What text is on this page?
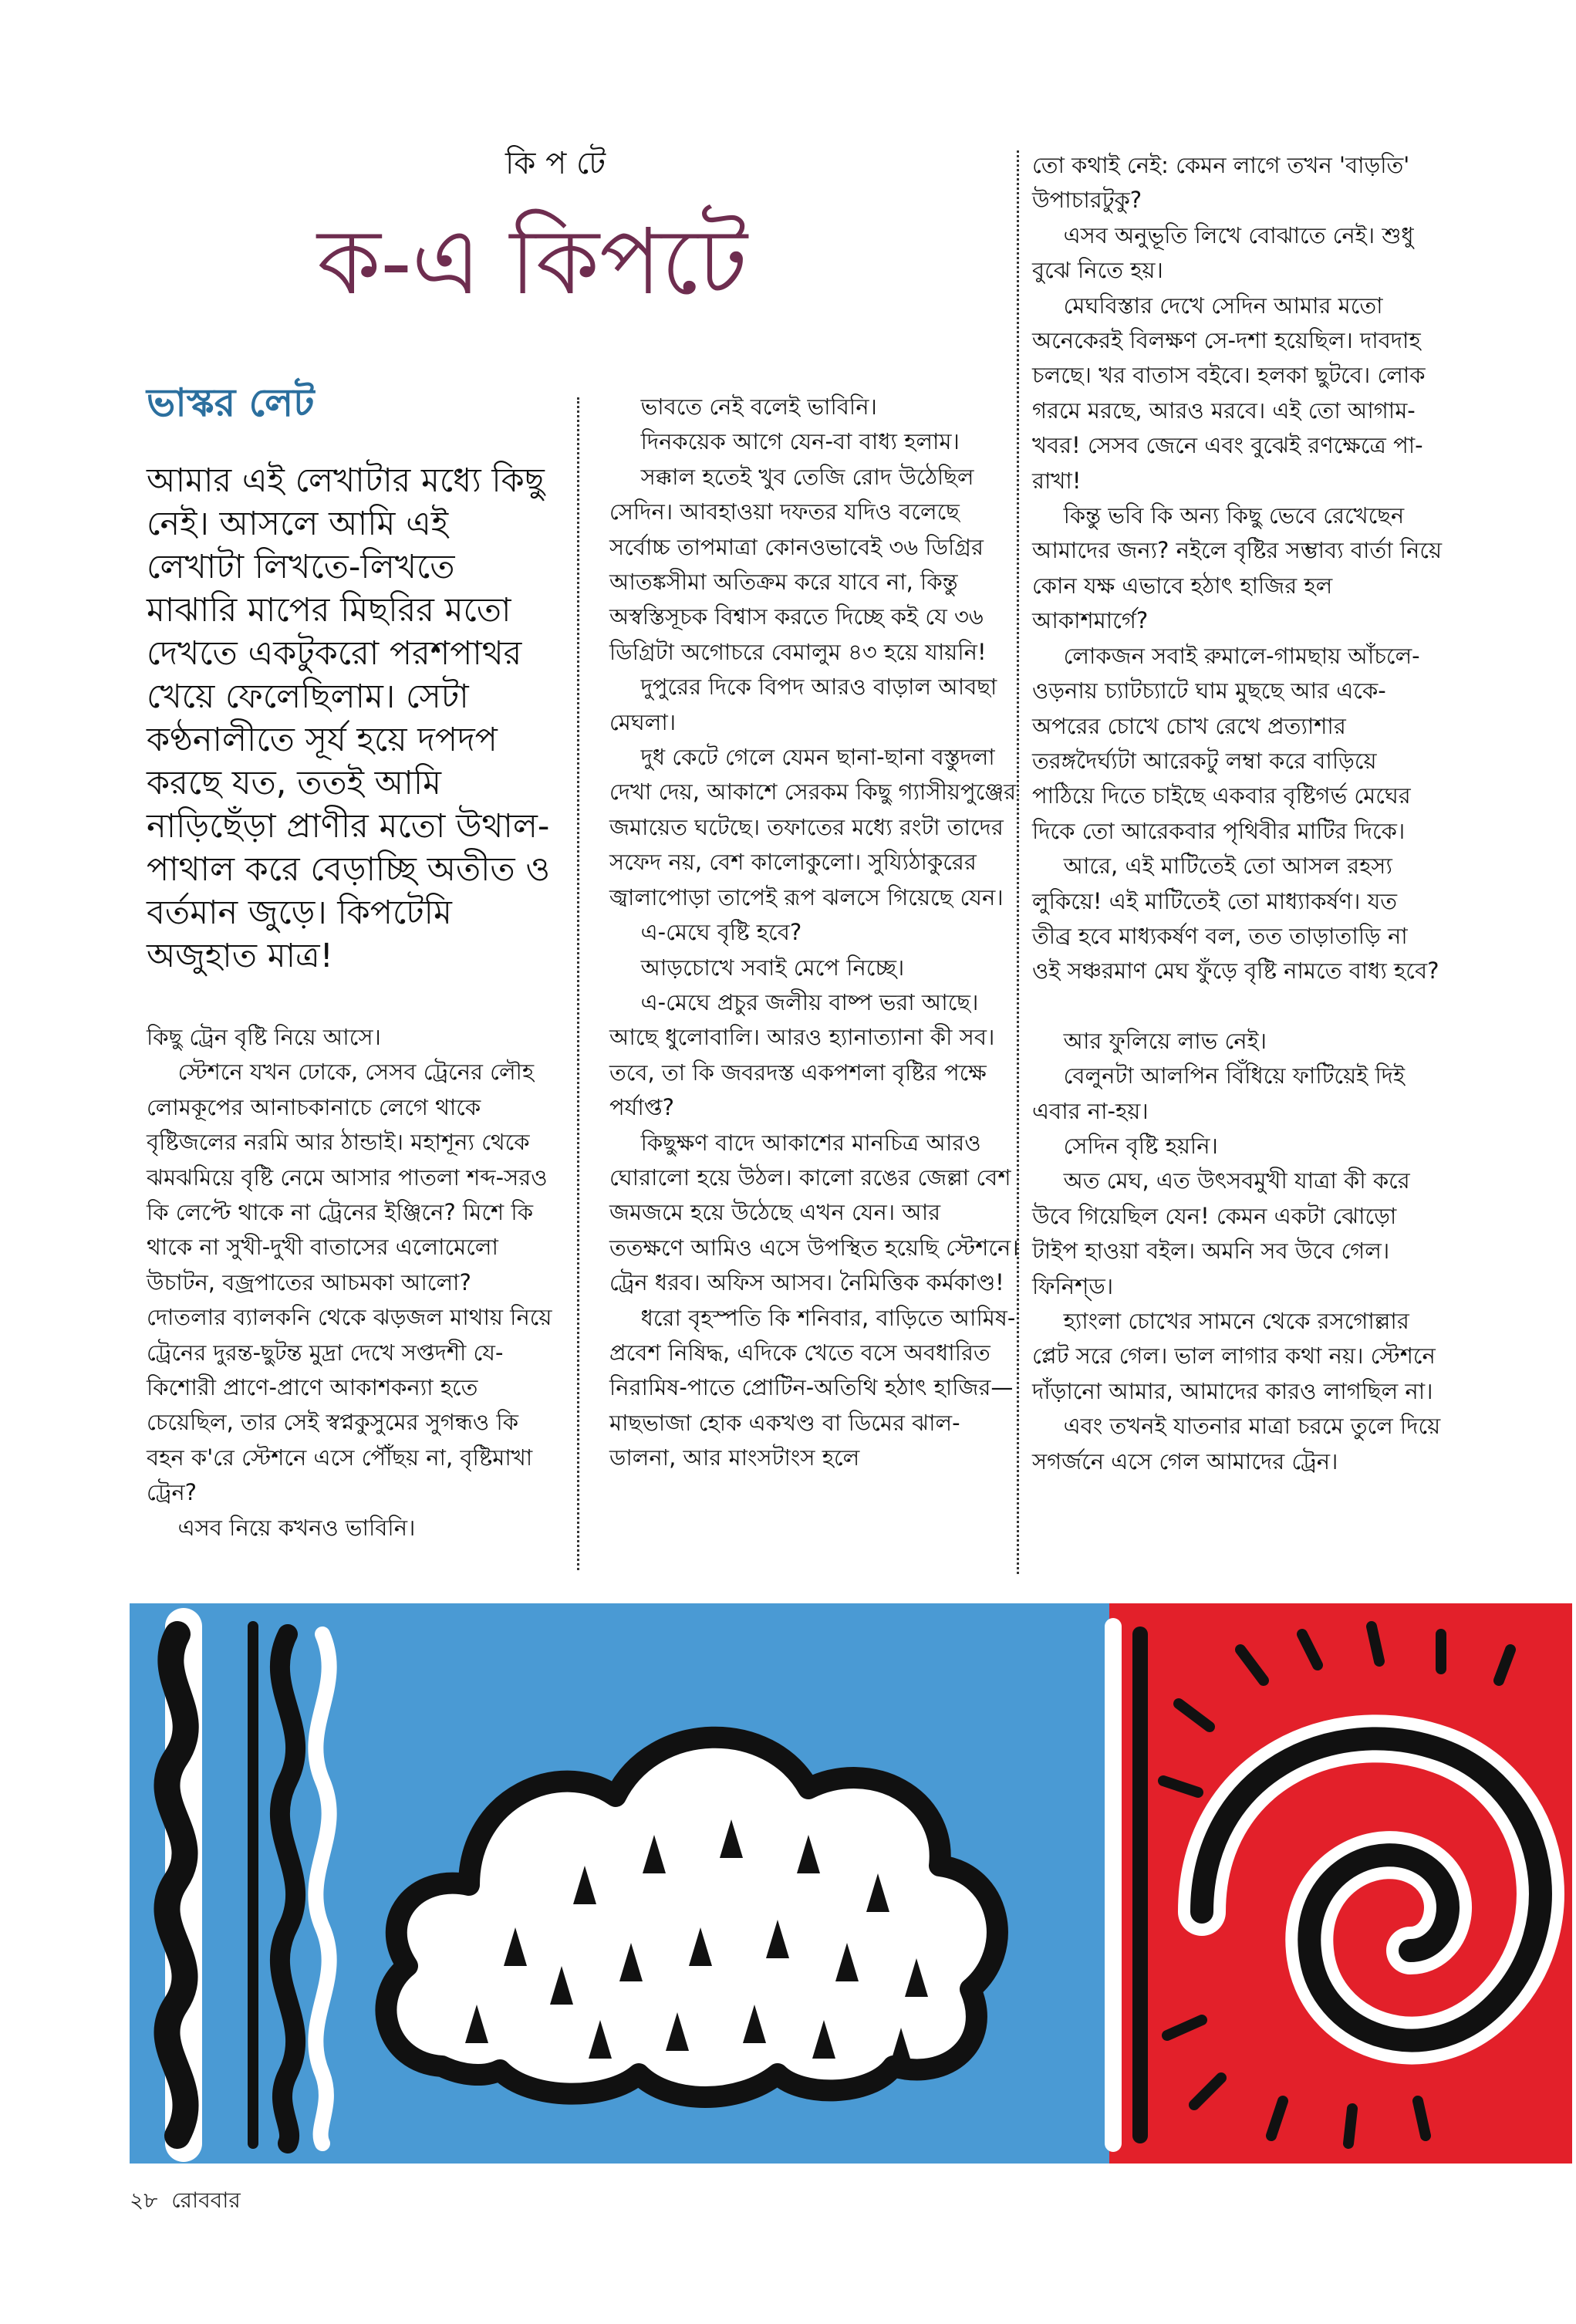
কি প টে
ক-এ কিপটে
ভাস্কর লেট

আমার এই লেখাটার মধ্যে কিছু নেই। আসলে আমি এই লেখাটা লিখতে-লিখতে মাঝারি মাপের মিছরির মতো দেখতে একটুকরো পরশপাথর খেয়ে ফেলেছিলাম। সেটা কণ্ঠনালীতে সূর্য হয়ে দপদপ করছে যত, ততই আমি নাড়িছেঁড়া প্রাণীর মতো উথাল-পাথাল করে বেড়াচ্ছি অতীত ও বর্তমান জুড়ে। কিপটেমি অজুহাত মাত্র!

কিছু ট্রেন বৃষ্টি নিয়ে আসে।

স্টেশনে যখন ঢোকে, সেসব ট্রেনের লৌহ লোমকূপের আনাচকানাচে লেগে থাকে বৃষ্টিজলের নরমি আর ঠান্ডাই। মহাশূন্য থেকে ঝমঝমিয়ে বৃষ্টি নেমে আসার পাতলা শব্দ-সরও কি লেপ্টে থাকে না ট্রেনের ইঞ্জিনে? মিশে কি থাকে না সুখী-দুখী বাতাসের এলোমেলো উচাটন, বজ্রপাতের আচমকা আলো? দোতলার ব্যালকনি থেকে ঝড়জল মাথায় নিয়ে ট্রেনের দুরন্ত-ছুটন্ত মুদ্রা দেখে সপ্তদশী যে-কিশোরী প্রাণে-প্রাণে আকাশকন্যা হতে চেয়েছিল, তার সেই স্বপ্নকুসুমের সুগন্ধও কি বহন ক'রে স্টেশনে এসে পৌঁছয় না, বৃষ্টিমাখা ট্রেন?

এসব নিয়ে কখনও ভাবিনি।

ভাবতে নেই বলেই ভাবিনি।

দিনকয়েক আগে যেন-বা বাধ্য হলাম।

সক্কাল হতেই খুব তেজি রোদ উঠেছিল সেদিন। আবহাওয়া দফতর যদিও বলেছে সর্বোচ্চ তাপমাত্রা কোনওভাবেই ৩৬ ডিগ্রির আতঙ্কসীমা অতিক্রম করে যাবে না, কিন্তু অস্বস্তিসূচক বিশ্বাস করতে দিচ্ছে কই যে ৩৬ ডিগ্রিটা অগোচরে বেমালুম ৪৩ হয়ে যায়নি!

দুপুরের দিকে বিপদ আরও বাড়াল আবছা মেঘলা।

দুধ কেটে গেলে যেমন ছানা-ছানা বস্তুদলা দেখা দেয়, আকাশে সেরকম কিছু গ্যাসীয়পুঞ্জের জমায়েত ঘটেছে। তফাতের মধ্যে রংটা তাদের সফেদ নয়, বেশ কালোকুলো। সুয্যিঠাকুরের জ্বালাপোড়া তাপেই রূপ ঝলসে গিয়েছে যেন।

এ-মেঘে বৃষ্টি হবে?

আড়চোখে সবাই মেপে নিচ্ছে।

এ-মেঘে প্রচুর জলীয় বাষ্প ভরা আছে। আছে ধুলোবালি। আরও হ্যানাত্যানা কী সব। তবে, তা কি জবরদস্ত একপশলা বৃষ্টির পক্ষে পর্যাপ্ত?

কিছুক্ষণ বাদে আকাশের মানচিত্র আরও ঘোরালো হয়ে উঠল। কালো রঙের জেল্লা বেশ জমজমে হয়ে উঠেছে এখন যেন। আর ততক্ষণে আমিও এসে উপস্থিত হয়েছি স্টেশনে। ট্রেন ধরব। অফিস আসব। নৈমিত্তিক কর্মকাণ্ড!

ধরো বৃহস্পতি কি শনিবার, বাড়িতে আমিষ-প্রবেশ নিষিদ্ধ, এদিকে খেতে বসে অবধারিত নিরামিষ-পাতে প্রোটিন-অতিথি হঠাৎ হাজির—মাছভাজা হোক একখণ্ড বা ডিমের ঝাল-ডালনা, আর মাংসটাংস হলে

তো কথাই নেই: কেমন লাগে তখন 'বাড়তি' উপাচারটুকু?

এসব অনুভূতি লিখে বোঝাতে নেই। শুধু বুঝে নিতে হয়।

মেঘবিস্তার দেখে সেদিন আমার মতো অনেকেরই বিলক্ষণ সে-দশা হয়েছিল। দাবদাহ চলছে। খর বাতাস বইবে। হলকা ছুটবে। লোক গরমে মরছে, আরও মরবে। এই তো আগাম-খবর! সেসব জেনে এবং বুঝেই রণক্ষেত্রে পা-রাখা!

কিন্তু ভবি কি অন্য কিছু ভেবে রেখেছেন আমাদের জন্য? নইলে বৃষ্টির সম্ভাব্য বার্তা নিয়ে কোন যক্ষ এভাবে হঠাৎ হাজির হল আকাশমার্গে?

লোকজন সবাই রুমালে-গামছায় আঁচলে-ওড়নায় চ্যাটচ্যাটে ঘাম মুছছে আর একে-অপরের চোখে চোখ রেখে প্রত্যাশার তরঙ্গদৈর্ঘ্যটা আরেকটু লম্বা করে বাড়িয়ে পাঠিয়ে দিতে চাইছে একবার বৃষ্টিগর্ভ মেঘের দিকে তো আরেকবার পৃথিবীর মাটির দিকে।

আরে, এই মাটিতেই তো আসল রহস্য লুকিয়ে! এই মাটিতেই তো মাধ্যাকর্ষণ। যত তীব্র হবে মাধ্যকর্ষণ বল, তত তাড়াতাড়ি না ওই সঞ্চরমাণ মেঘ ফুঁড়ে বৃষ্টি নামতে বাধ্য হবে?

আর ফুলিয়ে লাভ নেই।

বেলুনটা আলপিন বিঁধিয়ে ফাটিয়েই দিই এবার না-হয়।

সেদিন বৃষ্টি হয়নি।

অত মেঘ, এত উৎসবমুখী যাত্রা কী করে উবে গিয়েছিল যেন! কেমন একটা ঝোড়ো টাইপ হাওয়া বইল। অমনি সব উবে গেল। ফিনিশ্‌ড।

হ্যাংলা চোখের সামনে থেকে রসগোল্লার প্লেট সরে গেল। ভাল লাগার কথা নয়। স্টেশনে দাঁড়ানো আমার, আমাদের কারও লাগছিল না।

এবং তখনই যাতনার মাত্রা চরমে তুলে দিয়ে সগর্জনে এসে গেল আমাদের ট্রেন।

২৮ রোববার
